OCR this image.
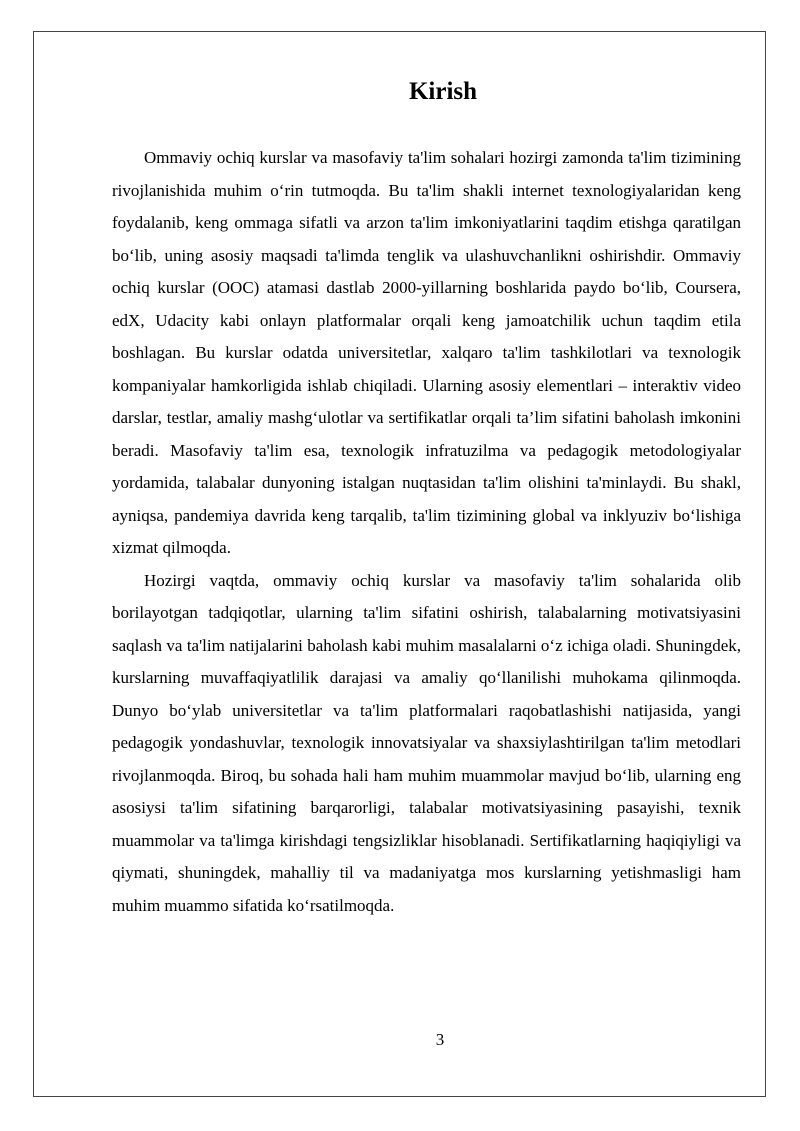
Kirish

Ommaviy ochiq kurslar va masofaviy ta'lim sohalari hozirgi zamonda ta'lim tizimining rivojlanishida muhim oʻrin tutmoqda. Bu ta'lim shakli internet texnologiyalaridan keng foydalanib, keng ommaga sifatli va arzon ta'lim imkoniyatlarini taqdim etishga qaratilgan boʻlib, uning asosiy maqsadi ta'limda tenglik va ulashuvchanlikni oshirishdir. Ommaviy ochiq kurslar (OOC) atamasi dastlab 2000-yillarning boshlarida paydo boʻlib, Coursera, edX, Udacity kabi onlayn platformalar orqali keng jamoatchilik uchun taqdim etila boshlagan. Bu kurslar odatda universitetlar, xalqaro ta'lim tashkilotlari va texnologik kompaniyalar hamkorligida ishlab chiqiladi. Ularning asosiy elementlari – interaktiv video darslar, testlar, amaliy mashgʻulotlar va sertifikatlar orqali ta’lim sifatini baholash imkonini beradi. Masofaviy ta'lim esa, texnologik infratuzilma va pedagogik metodologiyalar yordamida, talabalar dunyoning istalgan nuqtasidan ta'lim olishini ta'minlaydi. Bu shakl, ayniqsa, pandemiya davrida keng tarqalib, ta'lim tizimining global va inklyuziv boʻlishiga xizmat qilmoqda.

Hozirgi vaqtda, ommaviy ochiq kurslar va masofaviy ta'lim sohalarida olib borilayotgan tadqiqotlar, ularning ta'lim sifatini oshirish, talabalarning motivatsiyasini saqlash va ta'lim natijalarini baholash kabi muhim masalalarni oʻz ichiga oladi. Shuningdek, kurslarning muvaffaqiyatlilik darajasi va amaliy qoʻllanilishi muhokama qilinmoqda. Dunyo boʻylab universitetlar va ta'lim platformalari raqobatlashishi natijasida, yangi pedagogik yondashuvlar, texnologik innovatsiyalar va shaxsiylashtirilgan ta'lim metodlari rivojlanmoqda. Biroq, bu sohada hali ham muhim muammolar mavjud boʻlib, ularning eng asosiysi ta'lim sifatining barqarorligi, talabalar motivatsiyasining pasayishi, texnik muammolar va ta'limga kirishdagi tengsizliklar hisoblanadi. Sertifikatlarning haqiqiyligi va qiymati, shuningdek, mahalliy til va madaniyatga mos kurslarning yetishmasligi ham muhim muammo sifatida koʻrsatilmoqda.

3
